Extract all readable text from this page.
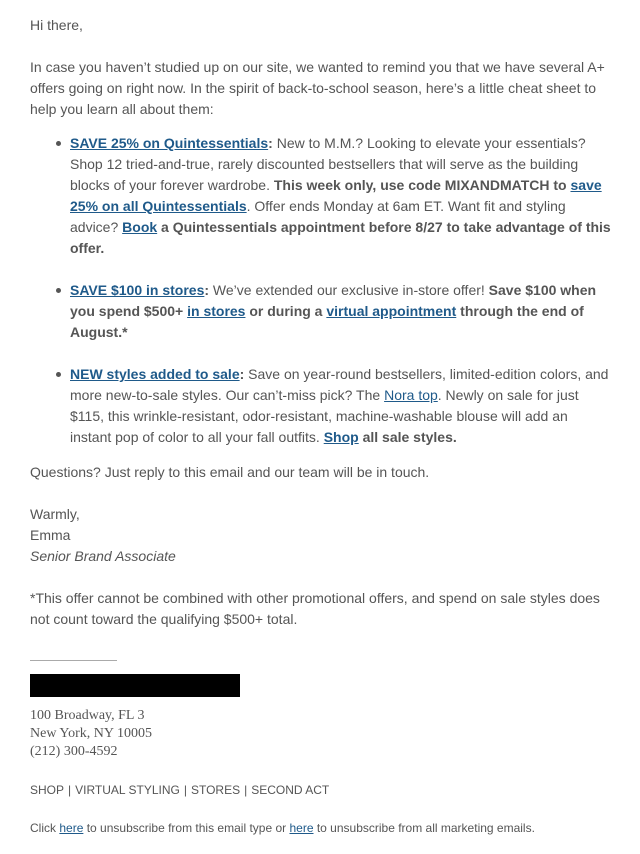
Hi there,

In case you haven’t studied up on our site, we wanted to remind you that we have several A+ offers going on right now. In the spirit of back-to-school season, here’s a little cheat sheet to help you learn all about them:

SAVE 25% on Quintessentials: New to M.M.? Looking to elevate your essentials? Shop 12 tried-and-true, rarely discounted bestsellers that will serve as the building blocks of your forever wardrobe. This week only, use code MIXANDMATCH to save 25% on all Quintessentials. Offer ends Monday at 6am ET. Want fit and styling advice? Book a Quintessentials appointment before 8/27 to take advantage of this offer.
SAVE $100 in stores: We’ve extended our exclusive in-store offer! Save $100 when you spend $500+ in stores or during a virtual appointment through the end of August.*
NEW styles added to sale: Save on year-round bestsellers, limited-edition colors, and more new-to-sale styles. Our can’t-miss pick? The Nora top. Newly on sale for just $115, this wrinkle-resistant, odor-resistant, machine-washable blouse will add an instant pop of color to all your fall outfits. Shop all sale styles.

Questions? Just reply to this email and our team will be in touch.

Warmly,

Emma

Senior Brand Associate

*This offer cannot be combined with other promotional offers, and spend on sale styles does not count toward the qualifying $500+ total.

100 Broadway, FL 3
New York, NY 10005
(212) 300-4592
SHOP | VIRTUAL STYLING | STORES | SECOND ACT
Click here to unsubscribe from this email type or here to unsubscribe from all marketing emails.
